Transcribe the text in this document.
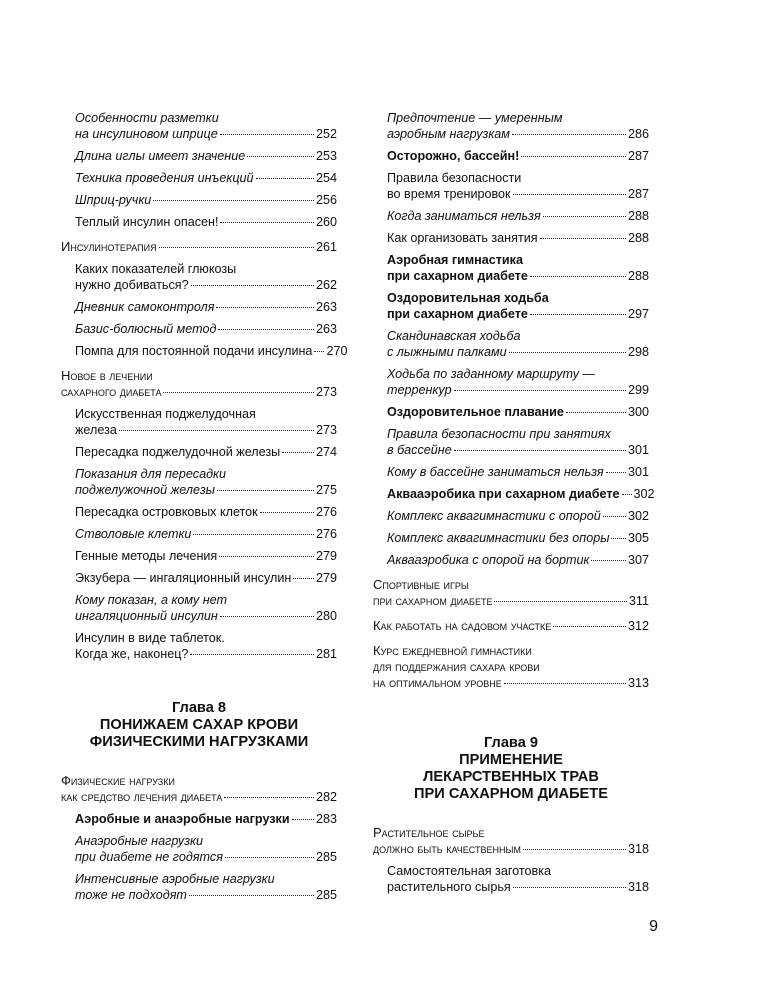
Особенности разметки
на инсулиновом шприце	252
Длина иглы имеет значение	253
Техника проведения инъекций	254
Шприц-ручки	256
Теплый инсулин опасен!	260
Инсулинотерапия	261
Каких показателей глюкозы
нужно добиваться?	262
Дневник самоконтроля	263
Базис-болюсный метод	263
Помпа для постоянной подачи инсулина 270
Новое в лечении
сахарного диабета	273
Искусственная поджелудочная
железа	273
Пересадка поджелудочной железы	274
Показания для пересадки
поджелужочной железы	275
Пересадка островковых клеток	276
Стволовые клетки	276
Генные методы лечения	279
Экзубера — ингаляционный инсулин 279
Кому показан, а кому нет
ингаляционный инсулин	280
Инсулин в виде таблеток.
Когда же, наконец?	281
Глава 8
ПОНИЖАЕМ САХАР КРОВИ
ФИЗИЧЕСКИМИ НАГРУЗКАМИ
Физические нагрузки
как средство лечения диабета	282
Аэробные и анаэробные нагрузки 283
Анаэробные нагрузки
при диабете не годятся	285
Интенсивные аэробные нагрузки
тоже не подходят	285
Предпочтение — умеренным
аэробным нагрузкам	286
Осторожно, бассейн!	287
Правила безопасности
во время тренировок	287
Когда заниматься нельзя	288
Как организовать занятия	288
Аэробная гимнастика
при сахарном диабете	288
Оздоровительная ходьба
при сахарном диабете	297
Скандинавская ходьба
с лыжными палками	298
Ходьба по заданному маршруту —
терренкур	299
Оздоровительное плавание	300
Правила безопасности при занятиях
в бассейне	301
Кому в бассейне заниматься нельзя 301
Аквааэробика при сахарном диабете 302
Комплекс аквагимнастики с опорой 302
Комплекс аквагимнастики без опоры 305
Аквааэробика с опорой на бортик	307
Спортивные игры
при сахарном диабете	311
Как работать на садовом участке	312
Курс ежедневной гимнастики
для поддержания сахара крови
на оптимальном уровне	313
Глава 9
ПРИМЕНЕНИЕ
ЛЕКАРСТВЕННЫХ ТРАВ
ПРИ САХАРНОМ ДИАБЕТЕ
Растительное сырье
должно быть качественным	318
Самостоятельная заготовка
растительного сырья	318
9
